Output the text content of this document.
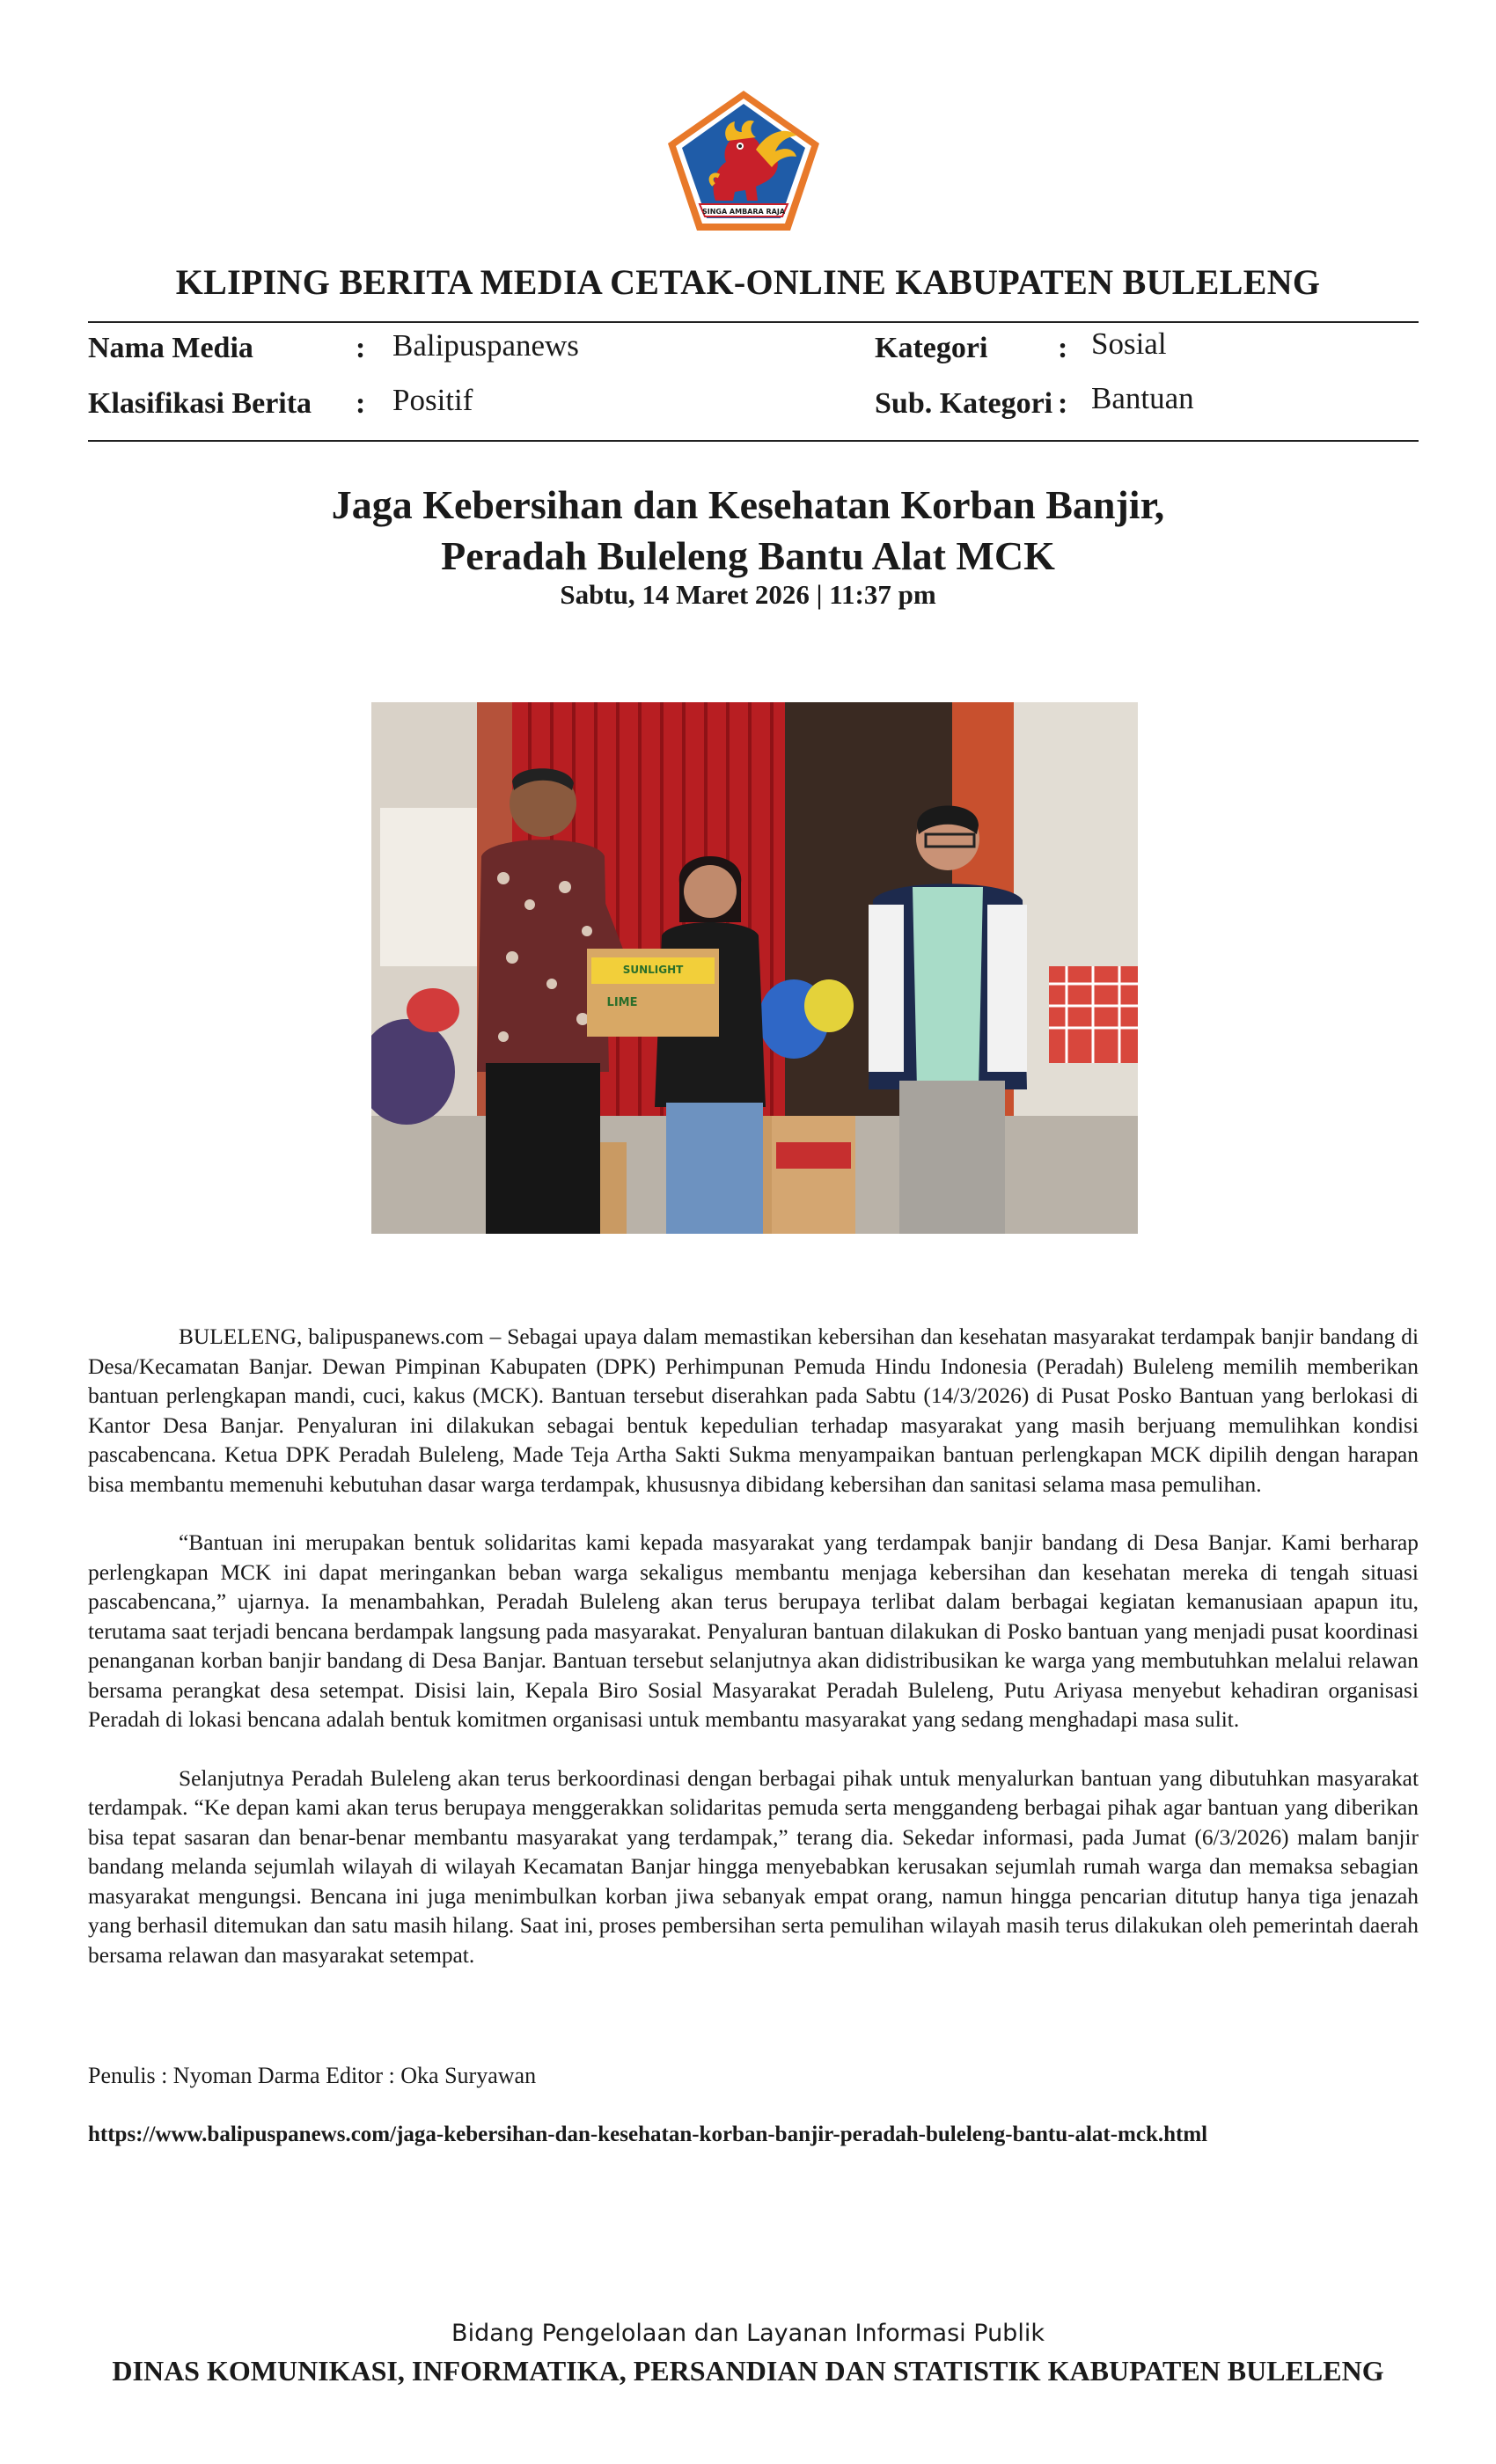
SINGA AMBARA RAJA
KLIPING BERITA MEDIA CETAK-ONLINE KABUPATEN BULELENG
Nama Media	: Balipuspanews
Klasifikasi Berita : Positif
Kategori : Sosial
Sub. Kategori : Bantuan
Jaga Kebersihan dan Kesehatan Korban Banjir,
Peradah Buleleng Bantu Alat MCK
Sabtu, 14 Maret 2026 | 11:37 pm
SUNLIGHT
LIME

BULELENG, balipuspanews.com – Sebagai upaya dalam memastikan kebersihan dan kesehatan masyarakat terdampak banjir bandang di Desa/Kecamatan Banjar. Dewan Pimpinan Kabupaten (DPK) Perhimpunan Pemuda Hindu Indonesia (Peradah) Buleleng memilih memberikan bantuan perlengkapan mandi, cuci, kakus (MCK). Bantuan tersebut diserahkan pada Sabtu (14/3/2026) di Pusat Posko Bantuan yang berlokasi di Kantor Desa Banjar. Penyaluran ini dilakukan sebagai bentuk kepedulian terhadap masyarakat yang masih berjuang memulihkan kondisi pascabencana. Ketua DPK Peradah Buleleng, Made Teja Artha Sakti Sukma menyampaikan bantuan perlengkapan MCK dipilih dengan harapan bisa membantu memenuhi kebutuhan dasar warga terdampak, khususnya dibidang kebersihan dan sanitasi selama masa pemulihan.

“Bantuan ini merupakan bentuk solidaritas kami kepada masyarakat yang terdampak banjir bandang di Desa Banjar. Kami berharap perlengkapan MCK ini dapat meringankan beban warga sekaligus membantu menjaga kebersihan dan kesehatan mereka di tengah situasi pascabencana,” ujarnya. Ia menambahkan, Peradah Buleleng akan terus berupaya terlibat dalam berbagai kegiatan kemanusiaan apapun itu, terutama saat terjadi bencana berdampak langsung pada masyarakat. Penyaluran bantuan dilakukan di Posko bantuan yang menjadi pusat koordinasi penanganan korban banjir bandang di Desa Banjar. Bantuan tersebut selanjutnya akan didistribusikan ke warga yang membutuhkan melalui relawan bersama perangkat desa setempat. Disisi lain, Kepala Biro Sosial Masyarakat Peradah Buleleng, Putu Ariyasa menyebut kehadiran organisasi Peradah di lokasi bencana adalah bentuk komitmen organisasi untuk membantu masyarakat yang sedang menghadapi masa sulit.

Selanjutnya Peradah Buleleng akan terus berkoordinasi dengan berbagai pihak untuk menyalurkan bantuan yang dibutuhkan masyarakat terdampak. “Ke depan kami akan terus berupaya menggerakkan solidaritas pemuda serta menggandeng berbagai pihak agar bantuan yang diberikan bisa tepat sasaran dan benar-benar membantu masyarakat yang terdampak,” terang dia. Sekedar informasi, pada Jumat (6/3/2026) malam banjir bandang melanda sejumlah wilayah di wilayah Kecamatan Banjar hingga menyebabkan kerusakan sejumlah rumah warga dan memaksa sebagian masyarakat mengungsi. Bencana ini juga menimbulkan korban jiwa sebanyak empat orang, namun hingga pencarian ditutup hanya tiga jenazah yang berhasil ditemukan dan satu masih hilang. Saat ini, proses pembersihan serta pemulihan wilayah masih terus dilakukan oleh pemerintah daerah bersama relawan dan masyarakat setempat.

Penulis : Nyoman Darma Editor : Oka Suryawan
https://www.balipuspanews.com/jaga-kebersihan-dan-kesehatan-korban-banjir-peradah-buleleng-bantu-alat-mck.html
Bidang Pengelolaan dan Layanan Informasi Publik
DINAS KOMUNIKASI, INFORMATIKA, PERSANDIAN DAN STATISTIK KABUPATEN BULELENG
